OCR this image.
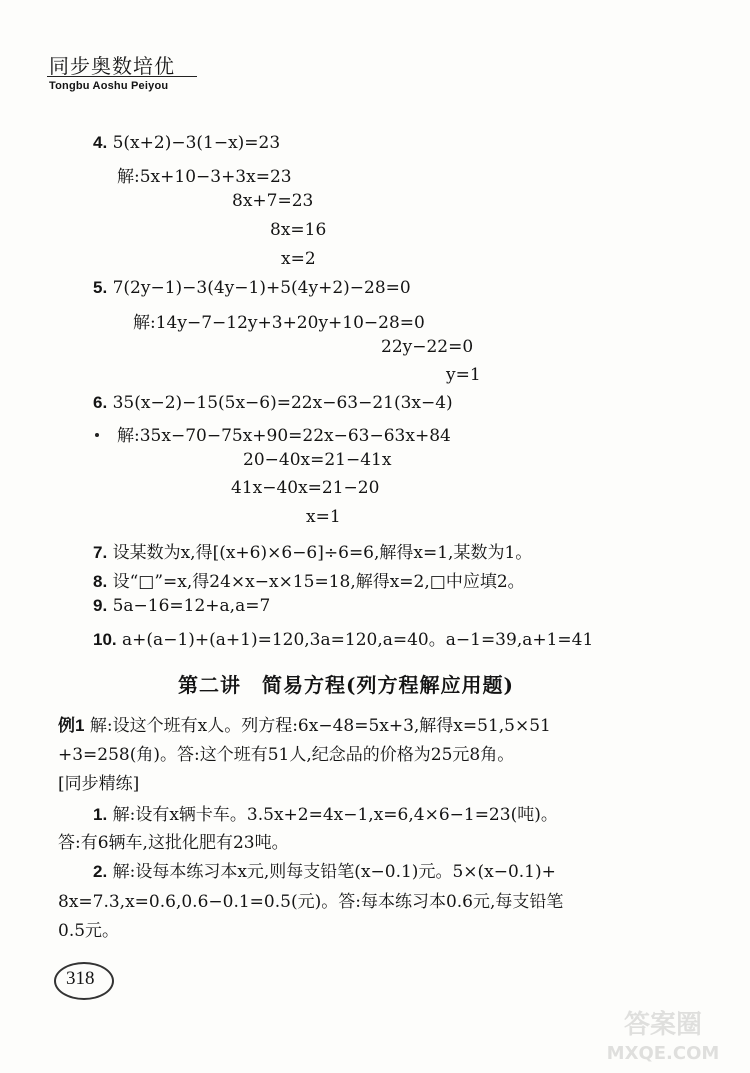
同步奥数培优
Tongbu Aoshu Peiyou
4. 5(x+2)−3(1−x)=23
解:5x+10−3+3x=23
8x+7=23
8x=16
x=2
5. 7(2y−1)−3(4y−1)+5(4y+2)−28=0
解:14y−7−12y+3+20y+10−28=0
22y−22=0
y=1
6. 35(x−2)−15(5x−6)=22x−63−21(3x−4)
解:35x−70−75x+90=22x−63−63x+84
20−40x=21−41x
41x−40x=21−20
x=1
7. 设某数为x,得[(x+6)×6−6]÷6=6,解得x=1,某数为1。
8. 设“□”=x,得24×x−x×15=18,解得x=2,□中应填2。
9. 5a−16=12+a,a=7
10. a+(a−1)+(a+1)=120,3a=120,a=40。a−1=39,a+1=41
第二讲　简易方程(列方程解应用题)
例1 解:设这个班有x人。列方程:6x−48=5x+3,解得x=51,5×51
+3=258(角)。答:这个班有51人,纪念品的价格为25元8角。
[同步精练]
1. 解:设有x辆卡车。3.5x+2=4x−1,x=6,4×6−1=23(吨)。
答:有6辆车,这批化肥有23吨。
2. 解:设每本练习本x元,则每支铅笔(x−0.1)元。5×(x−0.1)+
8x=7.3,x=0.6,0.6−0.1=0.5(元)。答:每本练习本0.6元,每支铅笔
0.5元。
318
答案圈
MXQE.COM
